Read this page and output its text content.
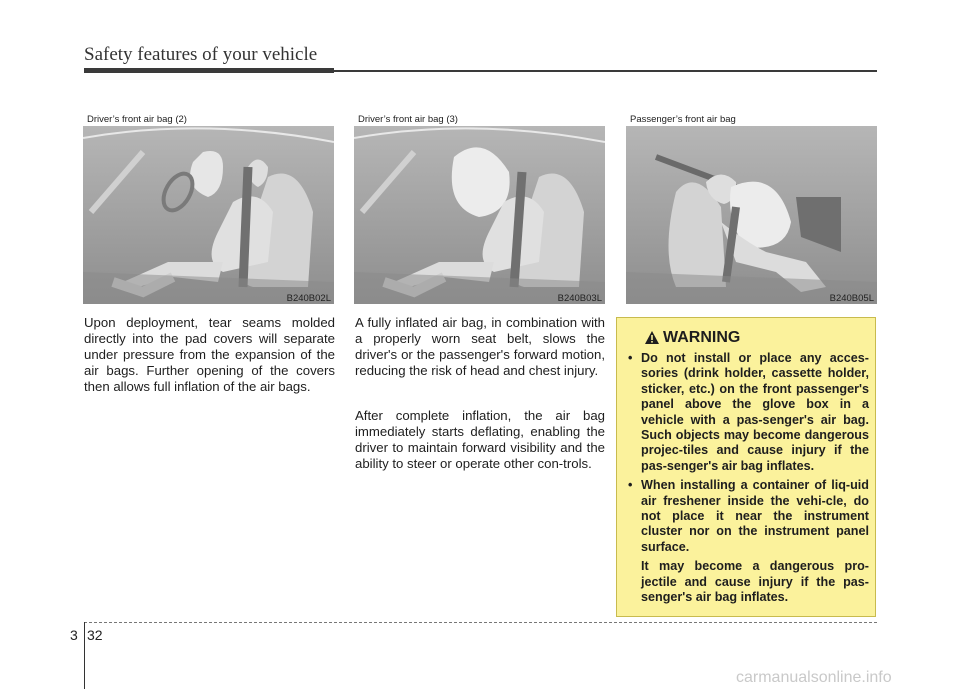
Safety features of your vehicle
Driver’s front air bag (2)
B240B02L
Driver’s front air bag (3)
B240B03L
Passenger’s front air bag
B240B05L
Upon deployment, tear seams molded directly into the pad covers will separate under pressure from the expansion of the air bags. Further opening of the covers then allows full inflation of the air bags.
A fully inflated air bag, in combination with a properly worn seat belt, slows the driver's or the passenger's forward motion, reducing the risk of head and chest injury.
After complete inflation, the air bag immediately starts deflating, enabling the driver to maintain forward visibility and the ability to steer or operate other con-trols.
WARNING
• Do not install or place any acces-sories (drink holder, cassette holder, sticker, etc.) on the front passenger's panel above the glove box in a vehicle with a pas-senger's air bag. Such objects may become dangerous projec-tiles and cause injury if the pas-senger's air bag inflates.
• When installing a container of liq-uid air freshener inside the vehi-cle, do not place it near the instrument cluster nor on the instrument panel surface.
It may become a dangerous pro-jectile and cause injury if the pas-senger's air bag inflates.
3 32
carmanualsonline.info
